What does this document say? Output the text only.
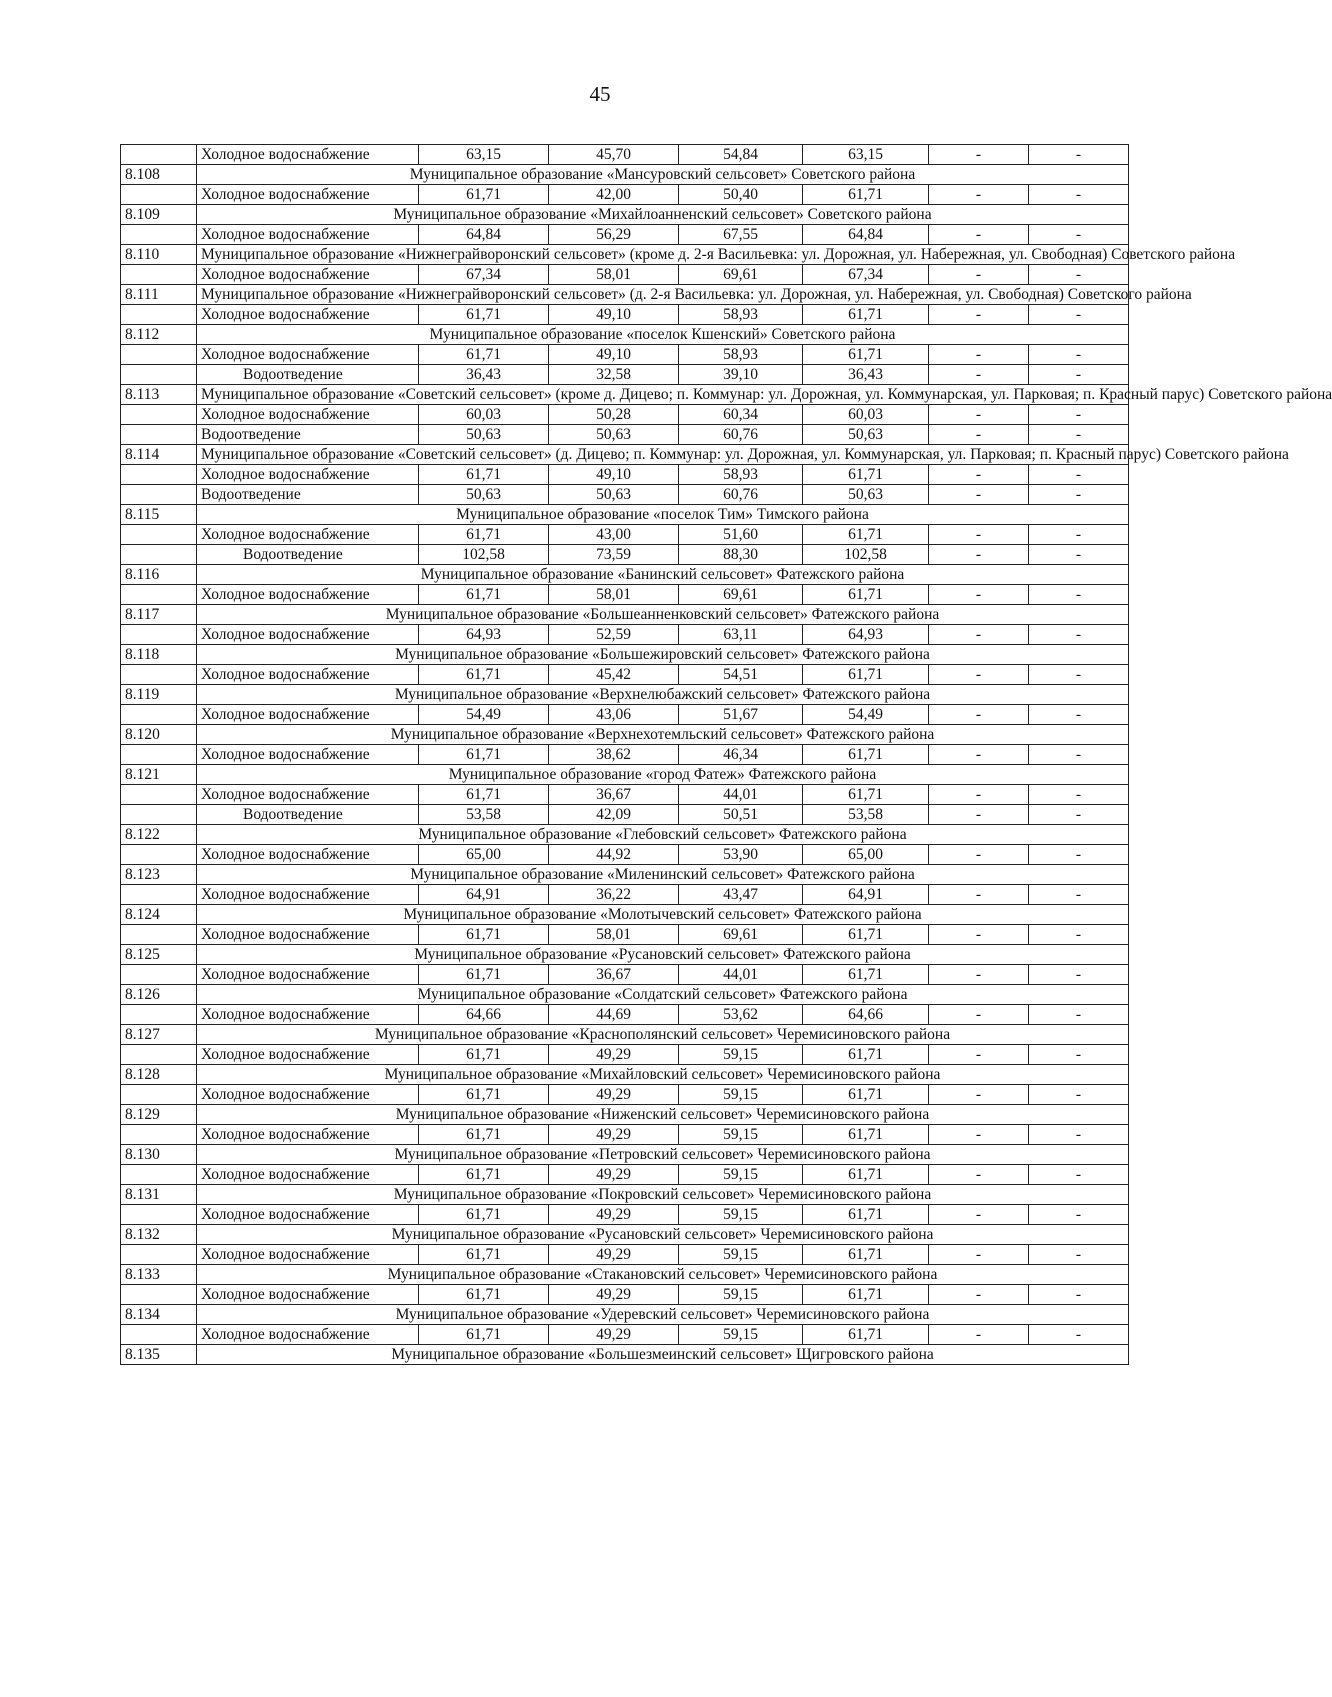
45
	Холодное водоснабжение	63,15	45,70	54,84	63,15	-	-
8.108	Муниципальное образование «Мансуровский сельсовет» Советского района						
	Холодное водоснабжение	61,71	42,00	50,40	61,71	-	-
8.109	Муниципальное образование «Михайлоанненский сельсовет» Советского района						
	Холодное водоснабжение	64,84	56,29	67,55	64,84	-	-
8.110	Муниципальное образование «Нижнеграйворонский сельсовет» (кроме д. 2-я Васильевка: ул. Дорожная, ул. Набережная, ул. Свободная) Советского района						
	Холодное водоснабжение	67,34	58,01	69,61	67,34	-	-
8.111	Муниципальное образование «Нижнеграйворонский сельсовет» (д. 2-я Васильевка: ул. Дорожная, ул. Набережная, ул. Свободная) Советского района						
	Холодное водоснабжение	61,71	49,10	58,93	61,71	-	-
8.112	Муниципальное образование «поселок Кшенский» Советского района						
	Холодное водоснабжение	61,71	49,10	58,93	61,71	-	-
	Водоотведение	36,43	32,58	39,10	36,43	-	-
8.113	Муниципальное образование «Советский сельсовет» (кроме д. Дицево; п. Коммунар: ул. Дорожная, ул. Коммунарская, ул. Парковая; п. Красный парус) Советского района						
	Холодное водоснабжение	60,03	50,28	60,34	60,03	-	-
	Водоотведение	50,63	50,63	60,76	50,63	-	-
8.114	Муниципальное образование «Советский сельсовет» (д. Дицево; п. Коммунар: ул. Дорожная, ул. Коммунарская, ул. Парковая; п. Красный парус) Советского района						
	Холодное водоснабжение	61,71	49,10	58,93	61,71	-	-
	Водоотведение	50,63	50,63	60,76	50,63	-	-
8.115	Муниципальное образование «поселок Тим» Тимского района						
	Холодное водоснабжение	61,71	43,00	51,60	61,71	-	-
	Водоотведение	102,58	73,59	88,30	102,58	-	-
8.116	Муниципальное образование «Банинский сельсовет» Фатежского района						
	Холодное водоснабжение	61,71	58,01	69,61	61,71	-	-
8.117	Муниципальное образование «Большеанненковский сельсовет» Фатежского района						
	Холодное водоснабжение	64,93	52,59	63,11	64,93	-	-
8.118	Муниципальное образование «Большежировский сельсовет» Фатежского района						
	Холодное водоснабжение	61,71	45,42	54,51	61,71	-	-
8.119	Муниципальное образование «Верхнелюбажский сельсовет» Фатежского района						
	Холодное водоснабжение	54,49	43,06	51,67	54,49	-	-
8.120	Муниципальное образование «Верхнехотемльский сельсовет» Фатежского района						
	Холодное водоснабжение	61,71	38,62	46,34	61,71	-	-
8.121	Муниципальное образование «город Фатеж» Фатежского района						
	Холодное водоснабжение	61,71	36,67	44,01	61,71	-	-
	Водоотведение	53,58	42,09	50,51	53,58	-	-
8.122	Муниципальное образование «Глебовский сельсовет» Фатежского района						
	Холодное водоснабжение	65,00	44,92	53,90	65,00	-	-
8.123	Муниципальное образование «Миленинский сельсовет» Фатежского района						
	Холодное водоснабжение	64,91	36,22	43,47	64,91	-	-
8.124	Муниципальное образование «Молотычевский сельсовет» Фатежского района						
	Холодное водоснабжение	61,71	58,01	69,61	61,71	-	-
8.125	Муниципальное образование «Русановский сельсовет» Фатежского района						
	Холодное водоснабжение	61,71	36,67	44,01	61,71	-	-
8.126	Муниципальное образование «Солдатский сельсовет» Фатежского района						
	Холодное водоснабжение	64,66	44,69	53,62	64,66	-	-
8.127	Муниципальное образование «Краснополянский сельсовет» Черемисиновского района						
	Холодное водоснабжение	61,71	49,29	59,15	61,71	-	-
8.128	Муниципальное образование «Михайловский сельсовет» Черемисиновского района						
	Холодное водоснабжение	61,71	49,29	59,15	61,71	-	-
8.129	Муниципальное образование «Ниженский сельсовет» Черемисиновского района						
	Холодное водоснабжение	61,71	49,29	59,15	61,71	-	-
8.130	Муниципальное образование «Петровский сельсовет» Черемисиновского района						
	Холодное водоснабжение	61,71	49,29	59,15	61,71	-	-
8.131	Муниципальное образование «Покровский сельсовет» Черемисиновского района						
	Холодное водоснабжение	61,71	49,29	59,15	61,71	-	-
8.132	Муниципальное образование «Русановский сельсовет» Черемисиновского района						
	Холодное водоснабжение	61,71	49,29	59,15	61,71	-	-
8.133	Муниципальное образование «Стакановский сельсовет» Черемисиновского района						
	Холодное водоснабжение	61,71	49,29	59,15	61,71	-	-
8.134	Муниципальное образование «Удеревский сельсовет» Черемисиновского района						
	Холодное водоснабжение	61,71	49,29	59,15	61,71	-	-
8.135	Муниципальное образование «Большезмеинский сельсовет» Щигровского района						
